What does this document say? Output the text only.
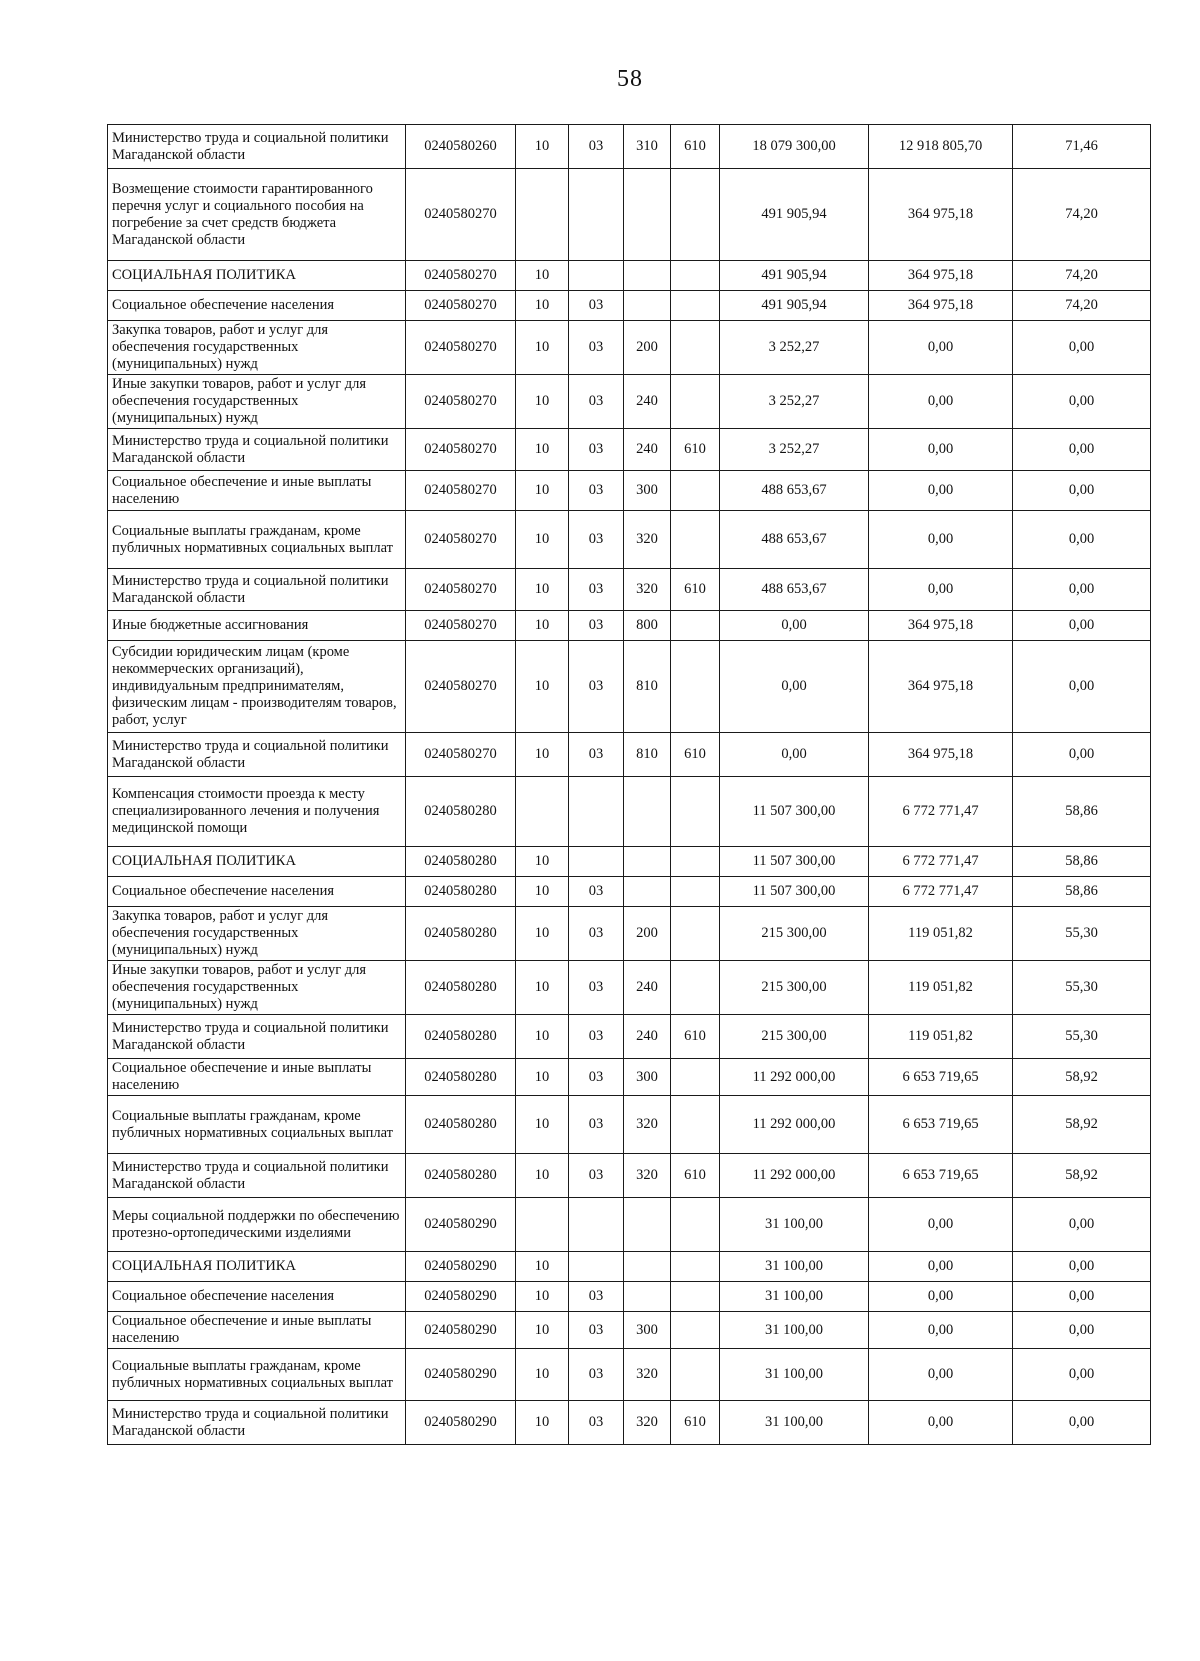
58
Министерство труда и социальной политики Магаданской области	0240580260	10	03	310	610	18 079 300,00	12 918 805,70	71,46
Возмещение стоимости гарантированного перечня услуг и социального пособия на погребение за счет средств бюджета Магаданской области	0240580270					491 905,94	364 975,18	74,20
СОЦИАЛЬНАЯ ПОЛИТИКА	0240580270	10				491 905,94	364 975,18	74,20
Социальное обеспечение населения	0240580270	10	03			491 905,94	364 975,18	74,20
Закупка товаров, работ и услуг для обеспечения государственных (муниципальных) нужд	0240580270	10	03	200		3 252,27	0,00	0,00
Иные закупки товаров, работ и услуг для обеспечения государственных (муниципальных) нужд	0240580270	10	03	240		3 252,27	0,00	0,00
Министерство труда и социальной политики Магаданской области	0240580270	10	03	240	610	3 252,27	0,00	0,00
Социальное обеспечение и иные выплаты населению	0240580270	10	03	300		488 653,67	0,00	0,00
Социальные выплаты гражданам, кроме публичных нормативных социальных выплат	0240580270	10	03	320		488 653,67	0,00	0,00
Министерство труда и социальной политики Магаданской области	0240580270	10	03	320	610	488 653,67	0,00	0,00
Иные бюджетные ассигнования	0240580270	10	03	800		0,00	364 975,18	0,00
Субсидии юридическим лицам (кроме некоммерческих организаций), индивидуальным предпринимателям, физическим лицам - производителям товаров, работ, услуг	0240580270	10	03	810		0,00	364 975,18	0,00
Министерство труда и социальной политики Магаданской области	0240580270	10	03	810	610	0,00	364 975,18	0,00
Компенсация стоимости проезда к месту специализированного лечения и получения медицинской помощи	0240580280					11 507 300,00	6 772 771,47	58,86
СОЦИАЛЬНАЯ ПОЛИТИКА	0240580280	10				11 507 300,00	6 772 771,47	58,86
Социальное обеспечение населения	0240580280	10	03			11 507 300,00	6 772 771,47	58,86
Закупка товаров, работ и услуг для обеспечения государственных (муниципальных) нужд	0240580280	10	03	200		215 300,00	119 051,82	55,30
Иные закупки товаров, работ и услуг для обеспечения государственных (муниципальных) нужд	0240580280	10	03	240		215 300,00	119 051,82	55,30
Министерство труда и социальной политики Магаданской области	0240580280	10	03	240	610	215 300,00	119 051,82	55,30
Социальное обеспечение и иные выплаты населению	0240580280	10	03	300		11 292 000,00	6 653 719,65	58,92
Социальные выплаты гражданам, кроме публичных нормативных социальных выплат	0240580280	10	03	320		11 292 000,00	6 653 719,65	58,92
Министерство труда и социальной политики Магаданской области	0240580280	10	03	320	610	11 292 000,00	6 653 719,65	58,92
Меры социальной поддержки по обеспечению протезно-ортопедическими изделиями	0240580290					31 100,00	0,00	0,00
СОЦИАЛЬНАЯ ПОЛИТИКА	0240580290	10				31 100,00	0,00	0,00
Социальное обеспечение населения	0240580290	10	03			31 100,00	0,00	0,00
Социальное обеспечение и иные выплаты населению	0240580290	10	03	300		31 100,00	0,00	0,00
Социальные выплаты гражданам, кроме публичных нормативных социальных выплат	0240580290	10	03	320		31 100,00	0,00	0,00
Министерство труда и социальной политики Магаданской области	0240580290	10	03	320	610	31 100,00	0,00	0,00
